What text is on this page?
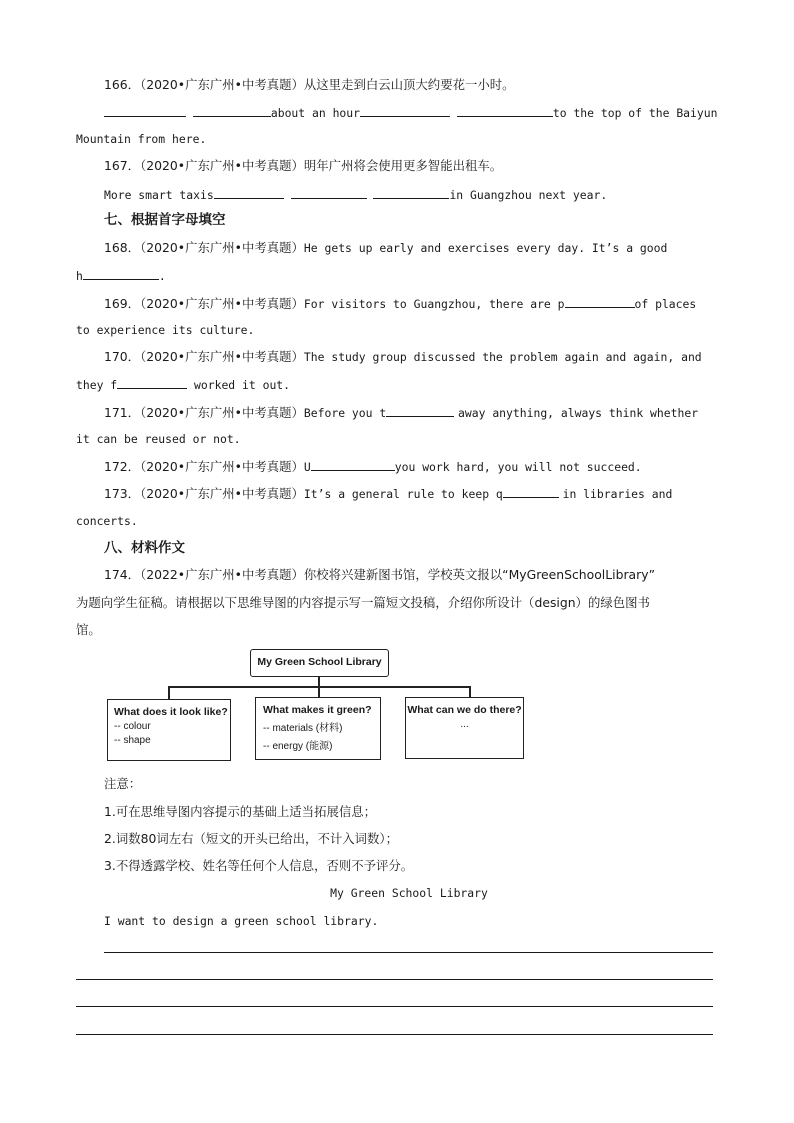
166．（2020•广东广州•中考真题）从这里走到白云山顶大约要花一小时。
about an hour	to the top of the Baiyun
Mountain from here.
167．（2020•广东广州•中考真题）明年广州将会使用更多智能出租车。
More smart taxis	in Guangzhou next year.
七、根据首字母填空
168．（2020•广东广州•中考真题）He gets up early and exercises every day. It’s a good
h	.
169．（2020•广东广州•中考真题）For visitors to Guangzhou, there are p	of places
to experience its culture.
170．（2020•广东广州•中考真题）The study group discussed the problem again and again, and
they f	worked it out.
171．（2020•广东广州•中考真题）Before you t	away anything, always think whether
it can be reused or not.
172．（2020•广东广州•中考真题）U	you work hard, you will not succeed.
173．（2020•广东广州•中考真题）It’s a general rule to keep q	in libraries and
concerts.
八、材料作文
174．（2022•广东广州•中考真题）你校将兴建新图书馆，学校英文报以“MyGreenSchoolLibrary”
为题向学生征稿。请根据以下思维导图的内容提示写一篇短文投稿，介绍你所设计（design）的绿色图书
馆。
My Green School Library
What does it look like?
-- colour
-- shape
What makes it green?
-- materials (材料)
-- energy (能源)
What can we do there?
...
注意：
1.可在思维导图内容提示的基础上适当拓展信息；
2.词数80词左右（短文的开头已给出，不计入词数）；
3.不得透露学校、姓名等任何个人信息，否则不予评分。
My Green School Library
I want to design a green school library.
